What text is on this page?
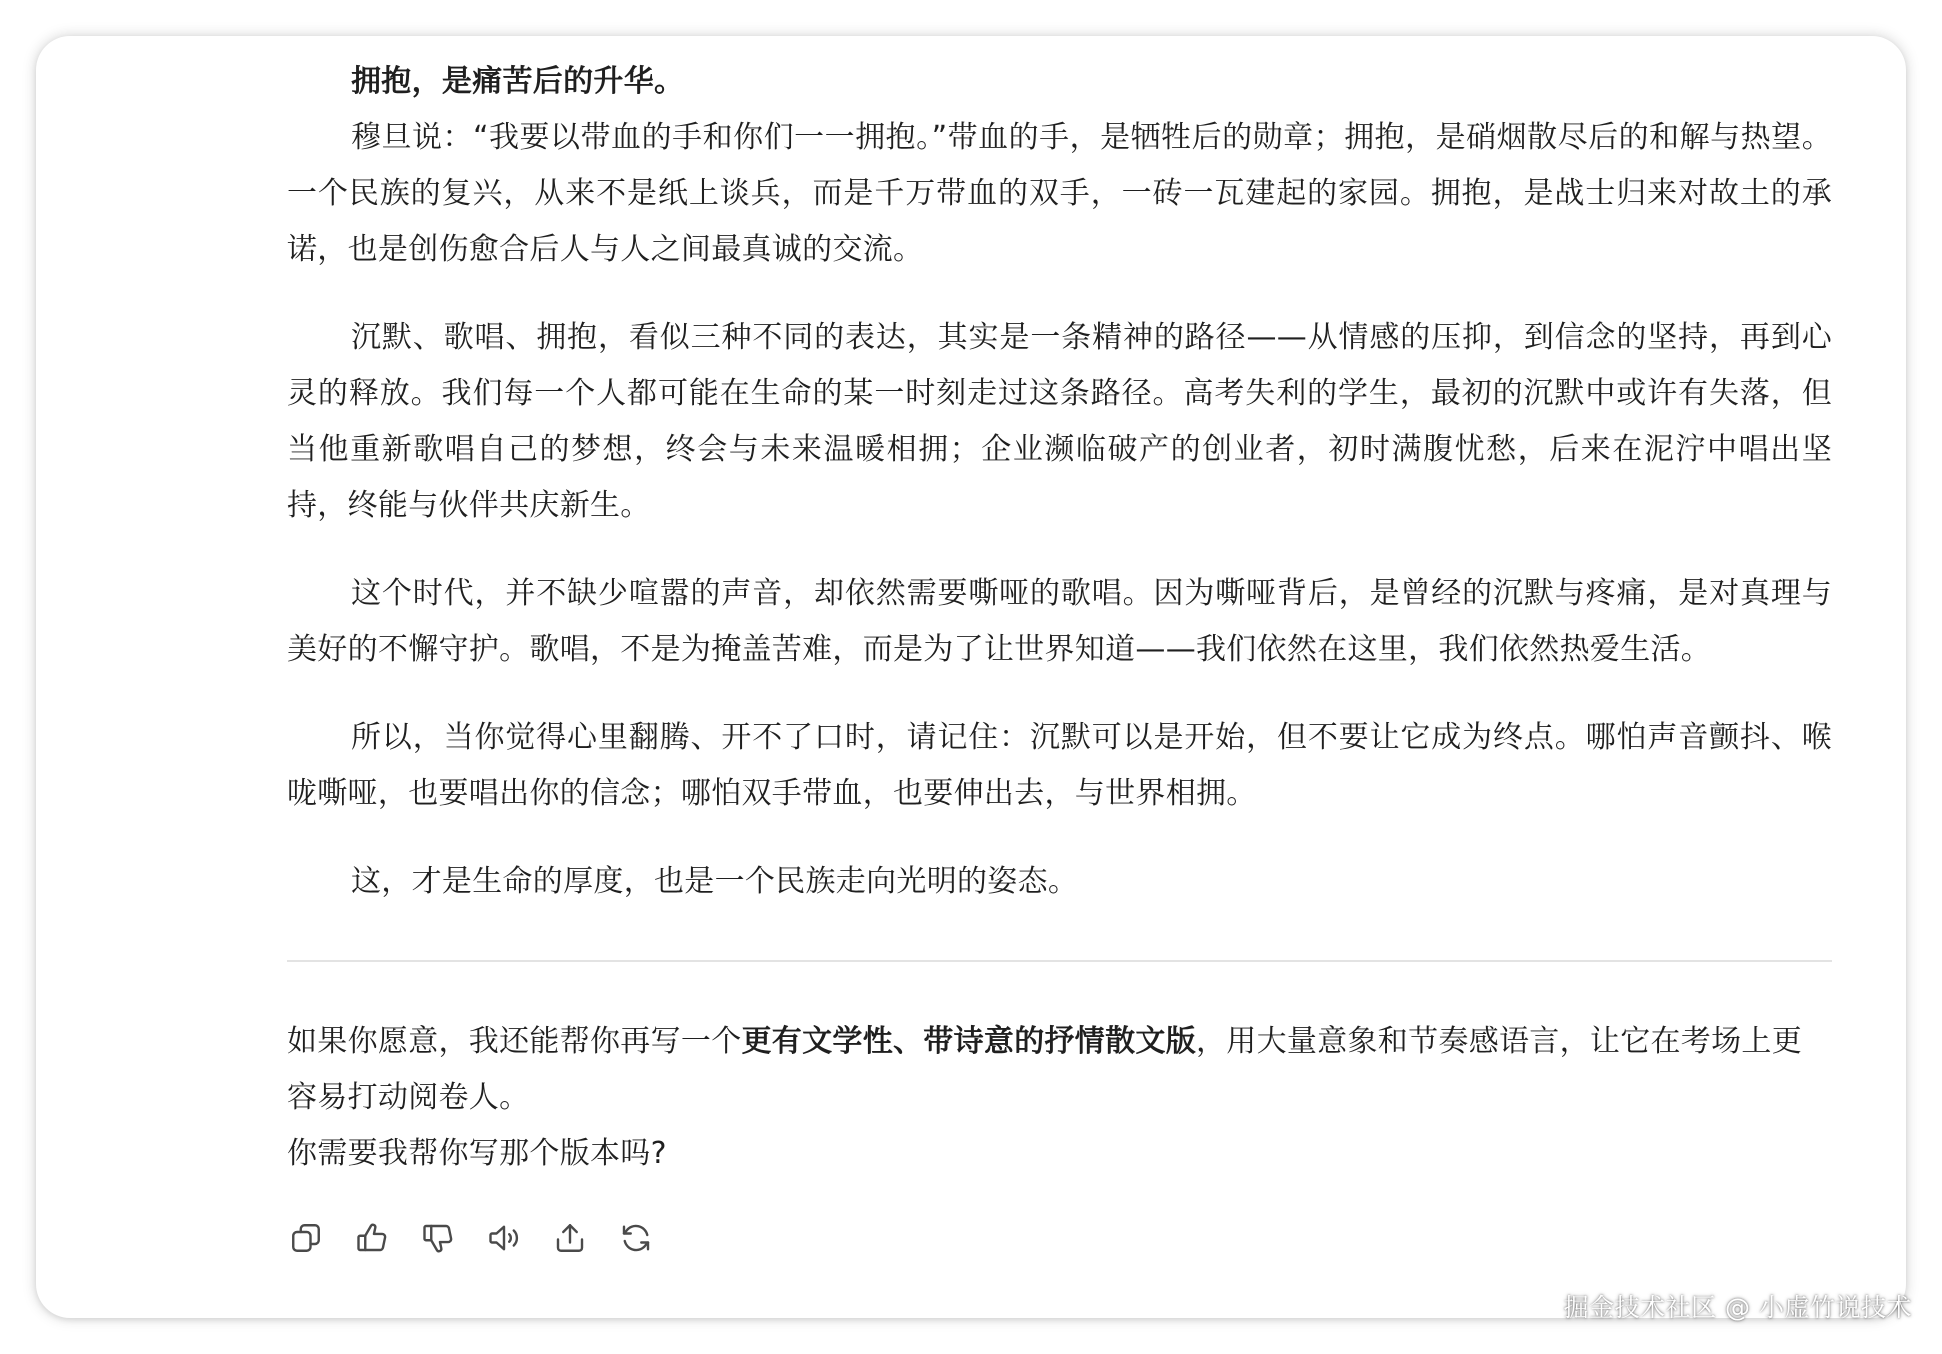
拥抱，是痛苦后的升华。

穆旦说：“我要以带血的手和你们一一拥抱。”带血的手，是牺牲后的勋章；拥抱，是硝烟散尽后的和解与热望。一个民族的复兴，从来不是纸上谈兵，而是千万带血的双手，一砖一瓦建起的家园。拥抱，是战士归来对故土的承诺，也是创伤愈合后人与人之间最真诚的交流。

沉默、歌唱、拥抱，看似三种不同的表达，其实是一条精神的路径——从情感的压抑，到信念的坚持，再到心灵的释放。我们每一个人都可能在生命的某一时刻走过这条路径。高考失利的学生，最初的沉默中或许有失落，但当他重新歌唱自己的梦想，终会与未来温暖相拥；企业濒临破产的创业者，初时满腹忧愁，后来在泥泞中唱出坚持，终能与伙伴共庆新生。

这个时代，并不缺少喧嚣的声音，却依然需要嘶哑的歌唱。因为嘶哑背后，是曾经的沉默与疼痛，是对真理与美好的不懈守护。歌唱，不是为掩盖苦难，而是为了让世界知道——我们依然在这里，我们依然热爱生活。

所以，当你觉得心里翻腾、开不了口时，请记住：沉默可以是开始，但不要让它成为终点。哪怕声音颤抖、喉咙嘶哑，也要唱出你的信念；哪怕双手带血，也要伸出去，与世界相拥。

这，才是生命的厚度，也是一个民族走向光明的姿态。

如果你愿意，我还能帮你再写一个更有文学性、带诗意的抒情散文版，用大量意象和节奏感语言，让它在考场上更容易打动阅卷人。

你需要我帮你写那个版本吗?

掘金技术社区 @ 小虚竹说技术
